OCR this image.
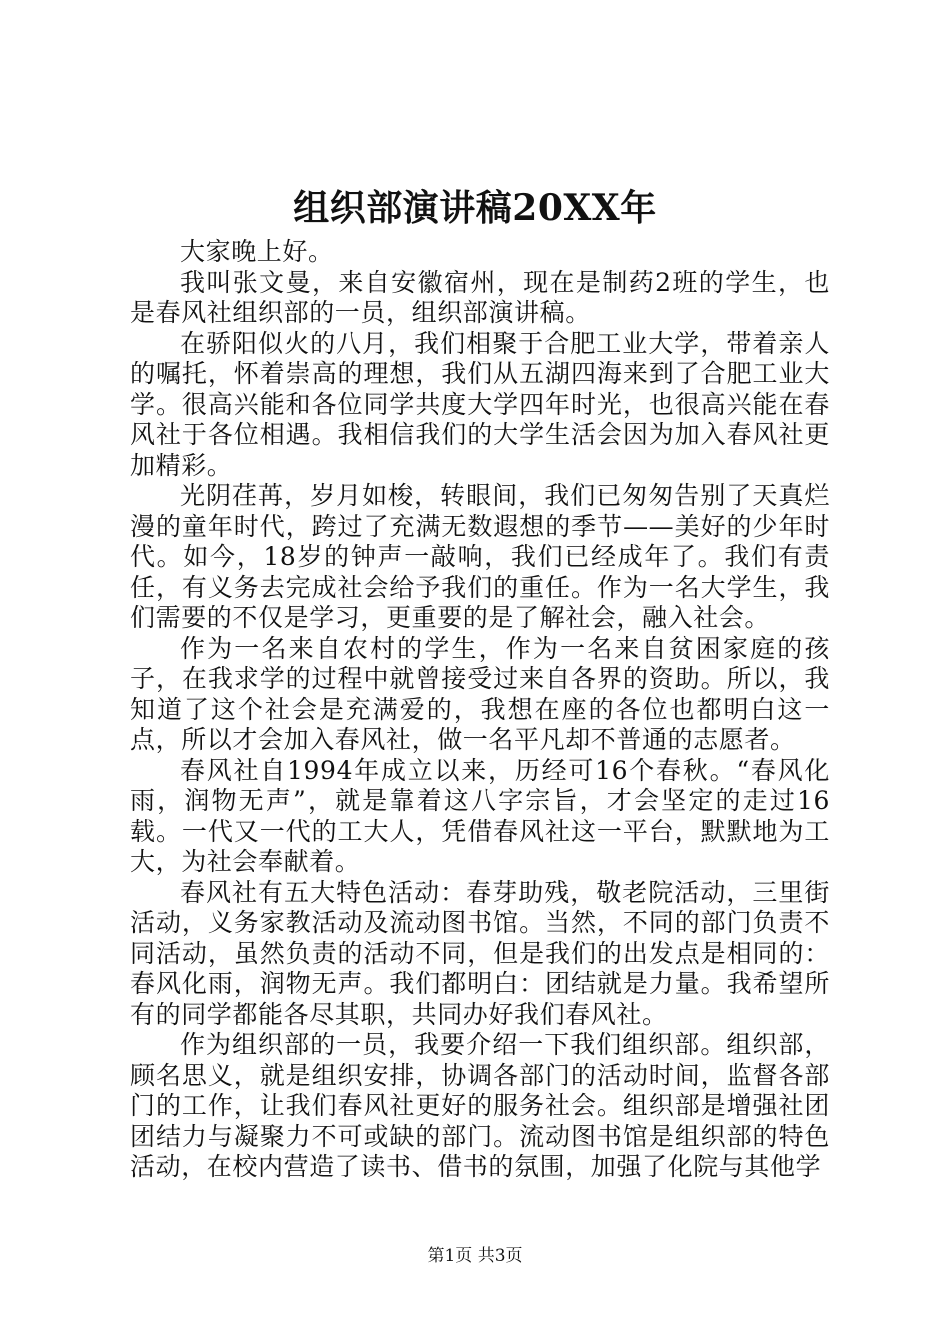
组织部演讲稿20XX年

大家晚上好。

我叫张文曼，来自安徽宿州，现在是制药2班的学生，也是春风社组织部的一员，组织部演讲稿。

在骄阳似火的八月，我们相聚于合肥工业大学，带着亲人的嘱托，怀着崇高的理想，我们从五湖四海来到了合肥工业大学。很高兴能和各位同学共度大学四年时光，也很高兴能在春风社于各位相遇。我相信我们的大学生活会因为加入春风社更加精彩。

光阴荏苒，岁月如梭，转眼间，我们已匆匆告别了天真烂漫的童年时代，跨过了充满无数遐想的季节——美好的少年时代。如今，18岁的钟声一敲响，我们已经成年了。我们有责任，有义务去完成社会给予我们的重任。作为一名大学生，我们需要的不仅是学习，更重要的是了解社会，融入社会。

作为一名来自农村的学生，作为一名来自贫困家庭的孩子，在我求学的过程中就曾接受过来自各界的资助。所以，我知道了这个社会是充满爱的，我想在座的各位也都明白这一点，所以才会加入春风社，做一名平凡却不普通的志愿者。

春风社自1994年成立以来，历经可16个春秋。“春风化雨，润物无声”，就是靠着这八字宗旨，才会坚定的走过16载。一代又一代的工大人，凭借春风社这一平台，默默地为工大，为社会奉献着。

春风社有五大特色活动：春芽助残，敬老院活动，三里街活动，义务家教活动及流动图书馆。当然，不同的部门负责不同活动，虽然负责的活动不同，但是我们的出发点是相同的：春风化雨，润物无声。我们都明白：团结就是力量。我希望所有的同学都能各尽其职，共同办好我们春风社。

作为组织部的一员，我要介绍一下我们组织部。组织部，顾名思义，就是组织安排，协调各部门的活动时间，监督各部门的工作，让我们春风社更好的服务社会。组织部是增强社团团结力与凝聚力不可或缺的部门。流动图书馆是组织部的特色活动，在校内营造了读书、借书的氛围，加强了化院与其他学

第1页 共3页
